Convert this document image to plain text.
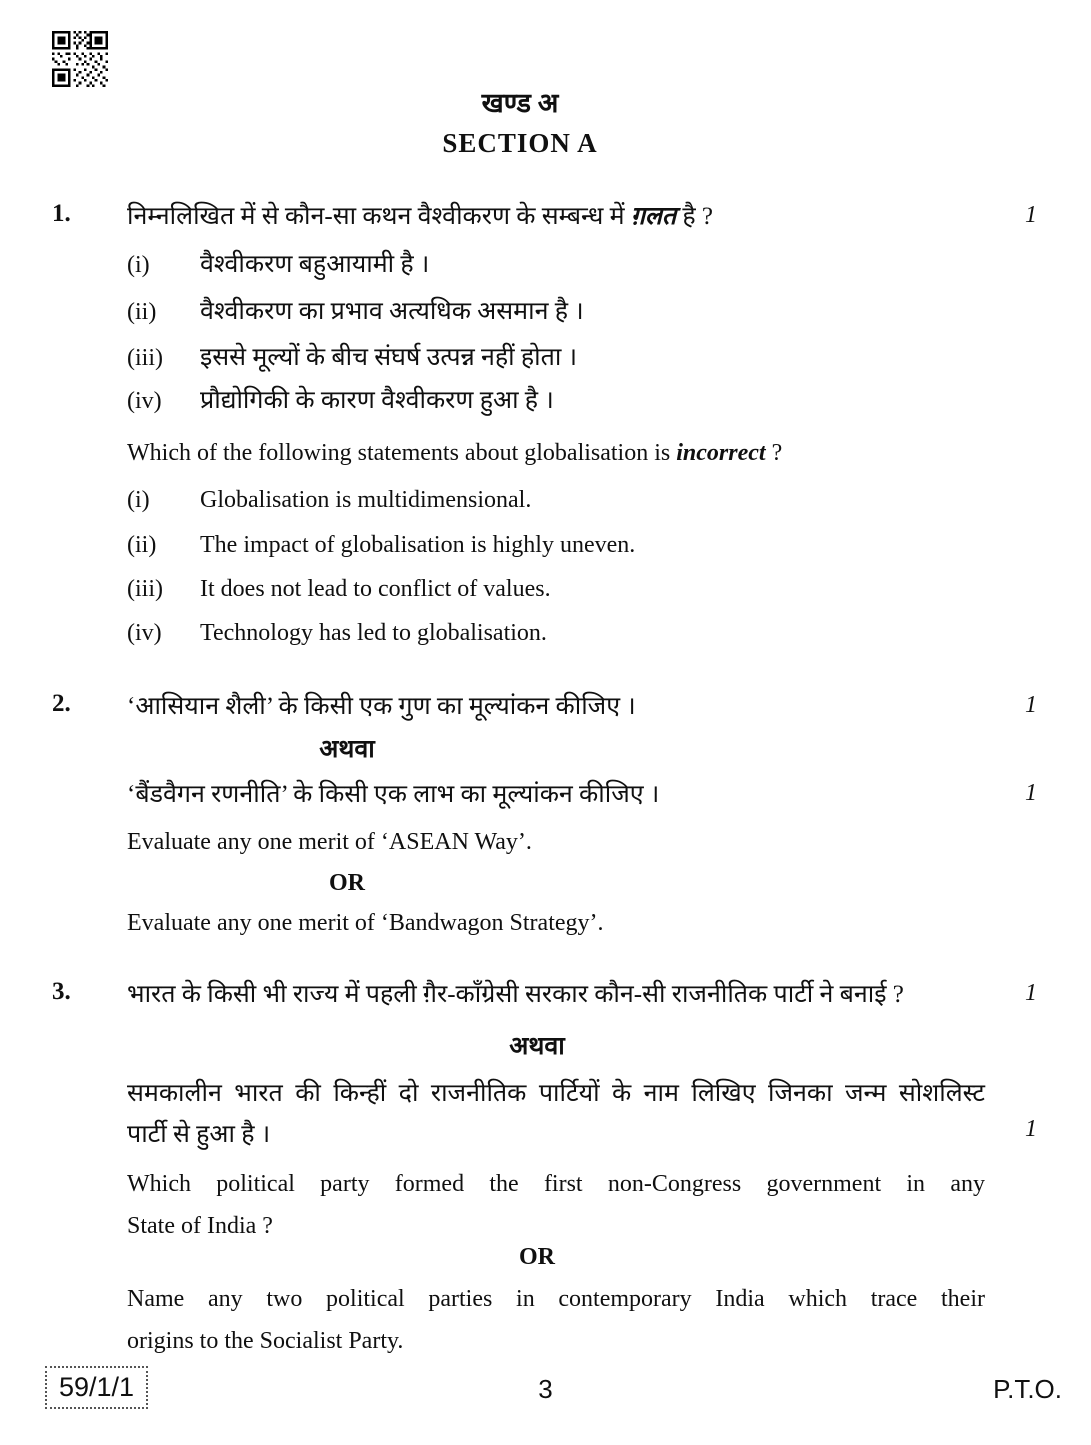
खण्ड अ
SECTION A
1. निम्नलिखित में से कौन-सा कथन वैश्वीकरण के सम्बन्ध में ग़लत है ?	1
(i) वैश्वीकरण बहुआयामी है ।
(ii) वैश्वीकरण का प्रभाव अत्यधिक असमान है ।
(iii) इससे मूल्यों के बीच संघर्ष उत्पन्न नहीं होता ।
(iv) प्रौद्योगिकी के कारण वैश्वीकरण हुआ है ।
Which of the following statements about globalisation is incorrect ?
(i) Globalisation is multidimensional.
(ii) The impact of globalisation is highly uneven.
(iii) It does not lead to conflict of values.
(iv) Technology has led to globalisation.
2. ‘आसियान शैली’ के किसी एक गुण का मूल्यांकन कीजिए ।	1
अथवा
‘बैंडवैगन रणनीति’ के किसी एक लाभ का मूल्यांकन कीजिए ।	1
Evaluate any one merit of ‘ASEAN Way’.
OR
Evaluate any one merit of ‘Bandwagon Strategy’.
3. भारत के किसी भी राज्य में पहली ग़ैर-काँग्रेसी सरकार कौन-सी राजनीतिक पार्टी ने बनाई ?	1
अथवा
समकालीन भारत की किन्हीं दो राजनीतिक पार्टियों के नाम लिखिए जिनका जन्म सोशलिस्ट
पार्टी से हुआ है ।	1
Which political party formed the first non-Congress government in any
State of India ?
OR
Name any two political parties in contemporary India which trace their
origins to the Socialist Party.
59/1/1	3	P.T.O.
